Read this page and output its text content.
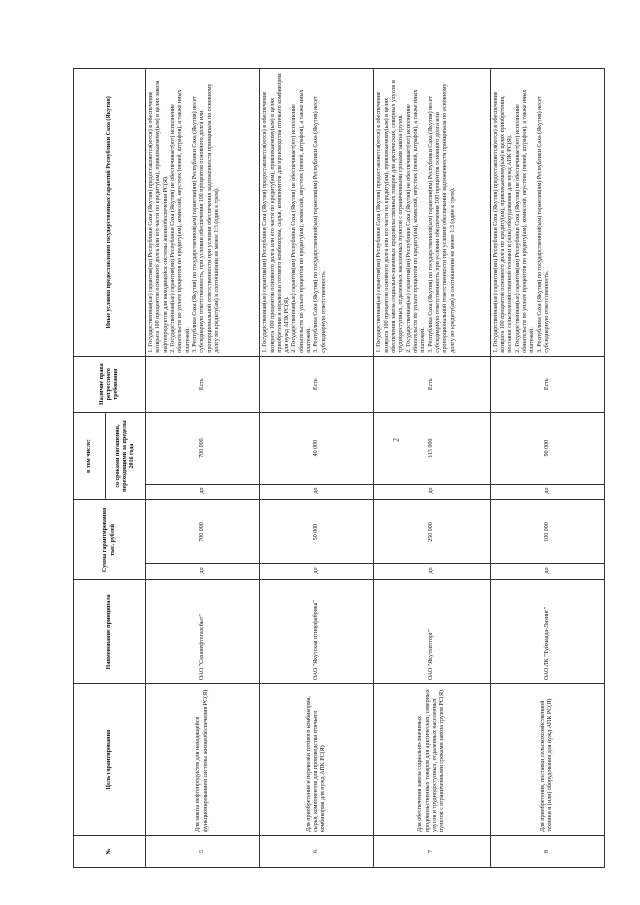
2
№	Цель гарантирования	Наименование принципала	Сумма гарантирования тыс. рублей		в том числе:		Наличие права регрессного требования	Иные условия предоставления государственных гарантий Республики Саха (Якутия)
					со сроками погашения, переходящими за пределы 2016 года			
5	Для завоза нефтепродуктов для находящейся функционированием системы жизнеобеспечения РС(Я)	ОАО "Саханефтегазсбыт"	до	700 000	до	700 000	Есть	1. Государственная(ые) гарантия(ии) Республики Саха (Якутия) предоставляется(ются) в обеспечение возврата 100 процентов основного долга или его части по кредиту(ам), привлекаемому(ым) в целях завоза нефтепродуктов для находящейся системы жизнеобеспечения РС(Я). 2. Государственная(ые) гарантия(ии) Республики Саха (Якутия) не обеспечивает(ют) исполнение обязательств по уплате процентов по кредиту(ам), комиссий, неустоек (пеней, штрафов), а также иных платежей. 3. Республика Саха (Якутия) по государственной(ым) гарантии(ям) Республики Саха (Якутия) несет субсидиарную ответственность, при условии обеспечения 100 процентов основного долга или пропорциональной ответственности при условии обеспечения задолженности принципала по основному долгу по кредиту(ам) в соотношении не менее 1:3 (один к трем).

6	Для приобретения и перевозки готового комбикорма, сырья, компонентов для производства птичьего комбикорма для нужд АПК РС(Я)	ОАО "Якутская птицефабрика"	до	50 000	до	40 000	Есть	1. Государственная(ые) гарантия(ии) Республики Саха (Якутия) предоставляется(ются) в обеспечение возврата 100 процентов основного долга или его части по кредиту(ам), привлекаемому(ым) в целях приобретения и перевозки готового комбикорма, сырья, компонентов для производства птичьего комбикорма для нужд АПК РС(Я). 2. Государственная(ые) гарантия(ии) Республики Саха (Якутия) не обеспечивает(ют) исполнение обязательств по уплате процентов по кредиту(ам), комиссий, неустоек (пеней, штрафов), а также иных платежей. 3. Республика Саха (Якутия) по государственной(ым) гарантии(ям) Республики Саха (Якутия) несет субсидиарную ответственность.

7	Для обеспечения завоза социально-значимых продовольственных товаров для арктических, северных улусов и труднодоступных, отдаленных населенных пунктов с ограниченными сроками завоза грузов РС(Я)	ОАО "Якутоптторг"	до	250 000	до	115 000	Есть	1. Государственная(ые) гарантия(ии) Республики Саха (Якутия) предоставляется(ются) в обеспечение возврата 100 процентов основного долга или его части по кредиту(ам), привлекаемому(ым) в целях обеспечения завоза социально-значимых продовольственных товаров для арктических, северных улусов и труднодоступных, отдаленных населенных пунктов с ограниченными сроками завоза грузов. 2. Государственная(ые) гарантия(ии) Республики Саха (Якутия) не обеспечивает(ют) исполнение обязательств по уплате процентов по кредиту(ам), комиссий, неустоек (пеней, штрафов), а также иных платежей. 3. Республика Саха (Якутия) по государственной(ым) гарантии(ям) Республики Саха (Якутия) несет субсидиарную ответственность при условии обеспечения 100 процентов основного долга или пропорциональной ответственности при условии обеспечения задолженности принципала по основному долгу по кредиту(ам) в соотношении не менее 1:3 (один к трем).

8	Для приобретения, поставки сельскохозяйственной техники и (или) оборудования для нужд АПК РС(Я)	ОАО ЛК "Туймаада-Лизинг"	до	100 000	до	90 000	Есть	1. Государственная(ые) гарантия(ии) Республики Саха (Якутия) предоставляется(ются) в обеспечение возврата 100 процентов основного долга по кредиту(ам), привлекаемому(ым) в целях приобретения, поставки сельскохозяйственной техники и (или) оборудования для нужд АПК РС(Я). 2. Государственная(ые) гарантия(ии) Республики Саха (Якутия) не обеспечивает(ют) исполнение обязательств по уплате процентов по кредиту(ам), комиссий, неустоек (пеней, штрафов), а также иных платежей. 3. Республика Саха (Якутия) по государственной(ым) гарантии(ям) Республики Саха (Якутия) несет субсидиарную ответственность.
